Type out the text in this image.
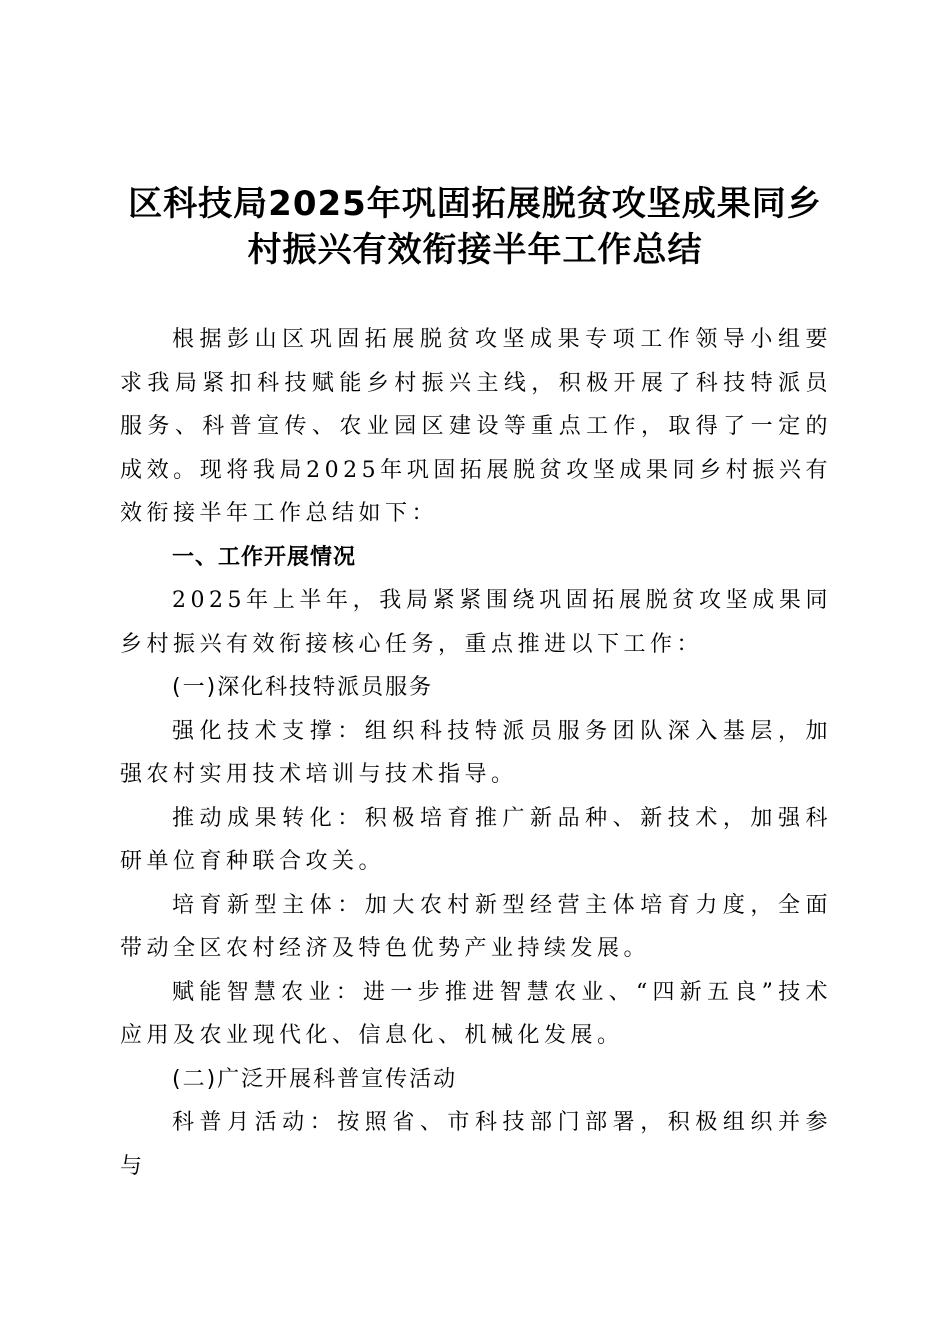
区科技局2025年巩固拓展脱贫攻坚成果同乡
村振兴有效衔接半年工作总结

根据彭山区巩固拓展脱贫攻坚成果专项工作领导小组要求我局紧扣科技赋能乡村振兴主线，积极开展了科技特派员服务、科普宣传、农业园区建设等重点工作，取得了一定的成效。现将我局2025年巩固拓展脱贫攻坚成果同乡村振兴有效衔接半年工作总结如下：

一、工作开展情况

2025年上半年，我局紧紧围绕巩固拓展脱贫攻坚成果同乡村振兴有效衔接核心任务，重点推进以下工作：

(一)深化科技特派员服务

强化技术支撑：组织科技特派员服务团队深入基层，加强农村实用技术培训与技术指导。

推动成果转化：积极培育推广新品种、新技术，加强科研单位育种联合攻关。

培育新型主体：加大农村新型经营主体培育力度，全面带动全区农村经济及特色优势产业持续发展。

赋能智慧农业：进一步推进智慧农业、“四新五良”技术应用及农业现代化、信息化、机械化发展。

(二)广泛开展科普宣传活动

科普月活动：按照省、市科技部门部署，积极组织并参与
